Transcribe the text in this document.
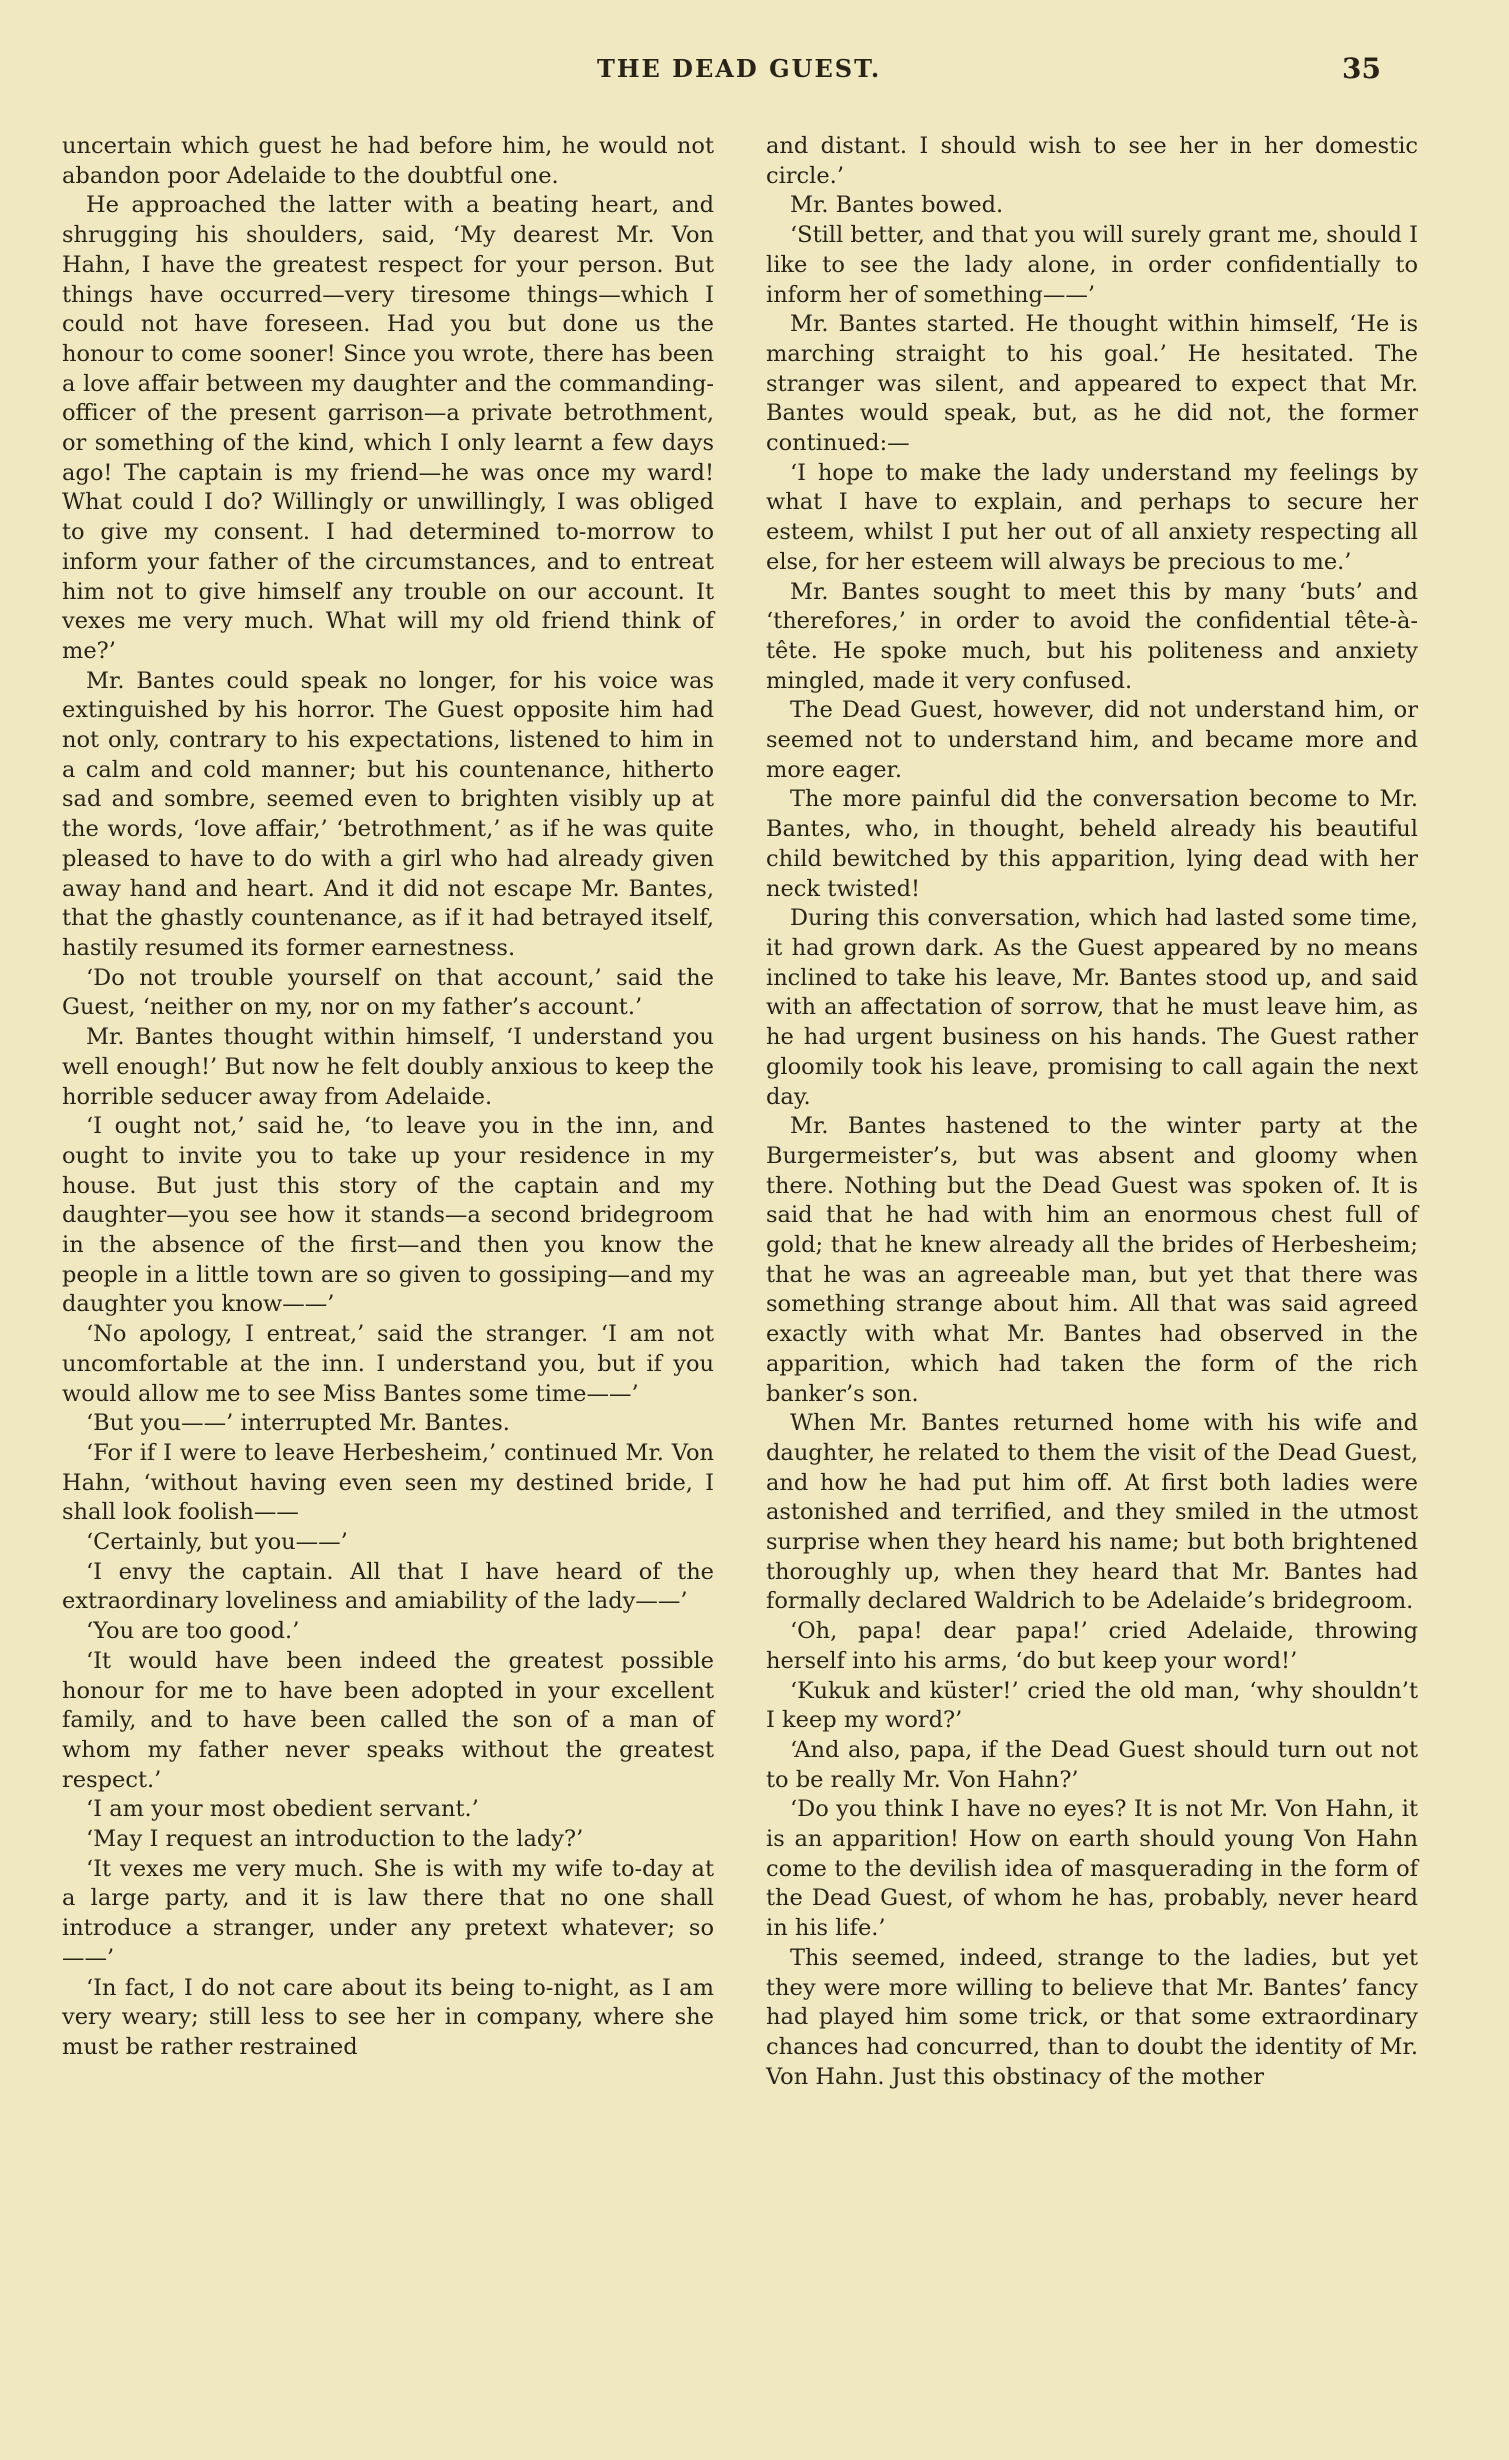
THE DEAD GUEST.	35

uncertain which guest he had before him, he would not abandon poor Adelaide to the doubtful one.

He approached the latter with a beating heart, and shrugging his shoulders, said, ‘My dearest Mr. Von Hahn, I have the greatest respect for your person. But things have occurred—very tiresome things—which I could not have foreseen. Had you but done us the honour to come sooner! Since you wrote, there has been a love affair between my daughter and the commanding-officer of the present garrison—a private betrothment, or something of the kind, which I only learnt a few days ago! The captain is my friend—he was once my ward! What could I do? Willingly or unwillingly, I was obliged to give my consent. I had determined to-morrow to inform your father of the circumstances, and to entreat him not to give himself any trouble on our account. It vexes me very much. What will my old friend think of me?’

Mr. Bantes could speak no longer, for his voice was extinguished by his horror. The Guest opposite him had not only, contrary to his expectations, listened to him in a calm and cold manner; but his countenance, hitherto sad and sombre, seemed even to brighten visibly up at the words, ‘love affair,’ ‘betrothment,’ as if he was quite pleased to have to do with a girl who had already given away hand and heart. And it did not escape Mr. Bantes, that the ghastly countenance, as if it had betrayed itself, hastily resumed its former earnestness.

‘Do not trouble yourself on that account,’ said the Guest, ‘neither on my, nor on my father’s account.’

Mr. Bantes thought within himself, ‘I understand you well enough!’ But now he felt doubly anxious to keep the horrible seducer away from Adelaide.

‘I ought not,’ said he, ‘to leave you in the inn, and ought to invite you to take up your residence in my house. But just this story of the captain and my daughter—you see how it stands—a second bridegroom in the absence of the first—and then you know the people in a little town are so given to gossiping—and my daughter you know——’

‘No apology, I entreat,’ said the stranger. ‘I am not uncomfortable at the inn. I understand you, but if you would allow me to see Miss Bantes some time——’

‘But you——’ interrupted Mr. Bantes.

‘For if I were to leave Herbesheim,’ continued Mr. Von Hahn, ‘without having even seen my destined bride, I shall look foolish——

‘Certainly, but you——’

‘I envy the captain. All that I have heard of the extraordinary loveliness and amiability of the lady——’

‘You are too good.’

‘It would have been indeed the greatest possible honour for me to have been adopted in your excellent family, and to have been called the son of a man of whom my father never speaks without the greatest respect.’

‘I am your most obedient servant.’

‘May I request an introduction to the lady?’

‘It vexes me very much. She is with my wife to-day at a large party, and it is law there that no one shall introduce a stranger, under any pretext whatever; so——’

‘In fact, I do not care about its being to-night, as I am very weary; still less to see her in company, where she must be rather restrained

and distant. I should wish to see her in her domestic circle.’

Mr. Bantes bowed.

‘Still better, and that you will surely grant me, should I like to see the lady alone, in order confidentially to inform her of something——’

Mr. Bantes started. He thought within himself, ‘He is marching straight to his goal.’ He hesitated. The stranger was silent, and appeared to expect that Mr. Bantes would speak, but, as he did not, the former continued:—

‘I hope to make the lady understand my feelings by what I have to explain, and perhaps to secure her esteem, whilst I put her out of all anxiety respecting all else, for her esteem will always be precious to me.’

Mr. Bantes sought to meet this by many ‘buts’ and ‘therefores,’ in order to avoid the confidential tête-à-tête. He spoke much, but his politeness and anxiety mingled, made it very confused.

The Dead Guest, however, did not understand him, or seemed not to understand him, and became more and more eager.

The more painful did the conversation become to Mr. Bantes, who, in thought, beheld already his beautiful child bewitched by this apparition, lying dead with her neck twisted!

During this conversation, which had lasted some time, it had grown dark. As the Guest appeared by no means inclined to take his leave, Mr. Bantes stood up, and said with an affectation of sorrow, that he must leave him, as he had urgent business on his hands. The Guest rather gloomily took his leave, promising to call again the next day.

Mr. Bantes hastened to the winter party at the Burgermeister’s, but was absent and gloomy when there. Nothing but the Dead Guest was spoken of. It is said that he had with him an enormous chest full of gold; that he knew already all the brides of Herbesheim; that he was an agreeable man, but yet that there was something strange about him. All that was said agreed exactly with what Mr. Bantes had observed in the apparition, which had taken the form of the rich banker’s son.

When Mr. Bantes returned home with his wife and daughter, he related to them the visit of the Dead Guest, and how he had put him off. At first both ladies were astonished and terrified, and they smiled in the utmost surprise when they heard his name; but both brightened thoroughly up, when they heard that Mr. Bantes had formally declared Waldrich to be Adelaide’s bridegroom.

‘Oh, papa! dear papa!’ cried Adelaide, throwing herself into his arms, ‘do but keep your word!’

‘Kukuk and küster!’ cried the old man, ‘why shouldn’t I keep my word?’

‘And also, papa, if the Dead Guest should turn out not to be really Mr. Von Hahn?’

‘Do you think I have no eyes? It is not Mr. Von Hahn, it is an apparition! How on earth should young Von Hahn come to the devilish idea of masquerading in the form of the Dead Guest, of whom he has, probably, never heard in his life.’

This seemed, indeed, strange to the ladies, but yet they were more willing to believe that Mr. Bantes’ fancy had played him some trick, or that some extraordinary chances had concurred, than to doubt the identity of Mr. Von Hahn. Just this obstinacy of the mother
